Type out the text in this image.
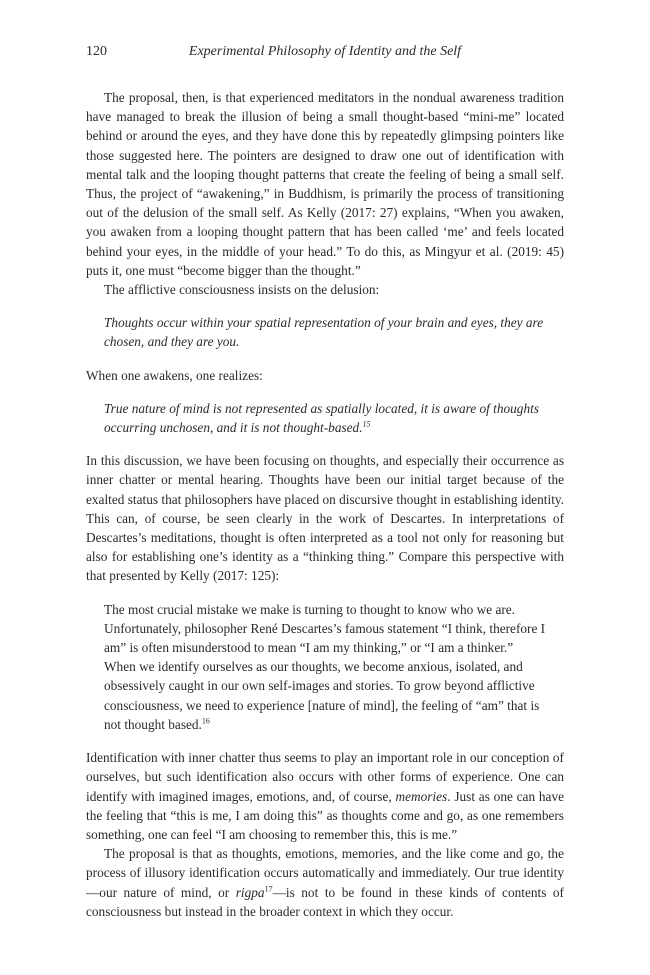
120	Experimental Philosophy of Identity and the Self

The proposal, then, is that experienced meditators in the nondual awareness tradition have managed to break the illusion of being a small thought-based “mini-me” located behind or around the eyes, and they have done this by repeatedly glimpsing pointers like those suggested here. The pointers are designed to draw one out of identification with mental talk and the looping thought patterns that create the feeling of being a small self. Thus, the project of “awakening,” in Buddhism, is primarily the process of transitioning out of the delusion of the small self. As Kelly (2017: 27) explains, “When you awaken, you awaken from a looping thought pattern that has been called ‘me’ and feels located behind your eyes, in the middle of your head.” To do this, as Mingyur et al. (2019: 45) puts it, one must “become bigger than the thought.”

The afflictive consciousness insists on the delusion:

Thoughts occur within your spatial representation of your brain and eyes, they are chosen, and they are you.

When one awakens, one realizes:

True nature of mind is not represented as spatially located, it is aware of thoughts occurring unchosen, and it is not thought-based.$^{15}$

In this discussion, we have been focusing on thoughts, and especially their occurrence as inner chatter or mental hearing. Thoughts have been our initial target because of the exalted status that philosophers have placed on discursive thought in establishing identity. This can, of course, be seen clearly in the work of Descartes. In interpretations of Descartes’s meditations, thought is often interpreted as a tool not only for reasoning but also for establishing one’s identity as a “thinking thing.” Compare this perspective with that presented by Kelly (2017: 125):

The most crucial mistake we make is turning to thought to know who we are. Unfortunately, philosopher René Descartes’s famous statement “I think, therefore I am” is often misunderstood to mean “I am my thinking,” or “I am a thinker.” When we identify ourselves as our thoughts, we become anxious, isolated, and obsessively caught in our own self-images and stories. To grow beyond afflictive consciousness, we need to experience [nature of mind], the feeling of “am” that is not thought based.$^{16}$

Identification with inner chatter thus seems to play an important role in our conception of ourselves, but such identification also occurs with other forms of experience. One can identify with imagined images, emotions, and, of course, memories. Just as one can have the feeling that “this is me, I am doing this” as thoughts come and go, as one remembers something, one can feel “I am choosing to remember this, this is me.”

The proposal is that as thoughts, emotions, memories, and the like come and go, the process of illusory identification occurs automatically and immediately. Our true identity—our nature of mind, or rigpa$^{17}$—is not to be found in these kinds of contents of consciousness but instead in the broader context in which they occur.
